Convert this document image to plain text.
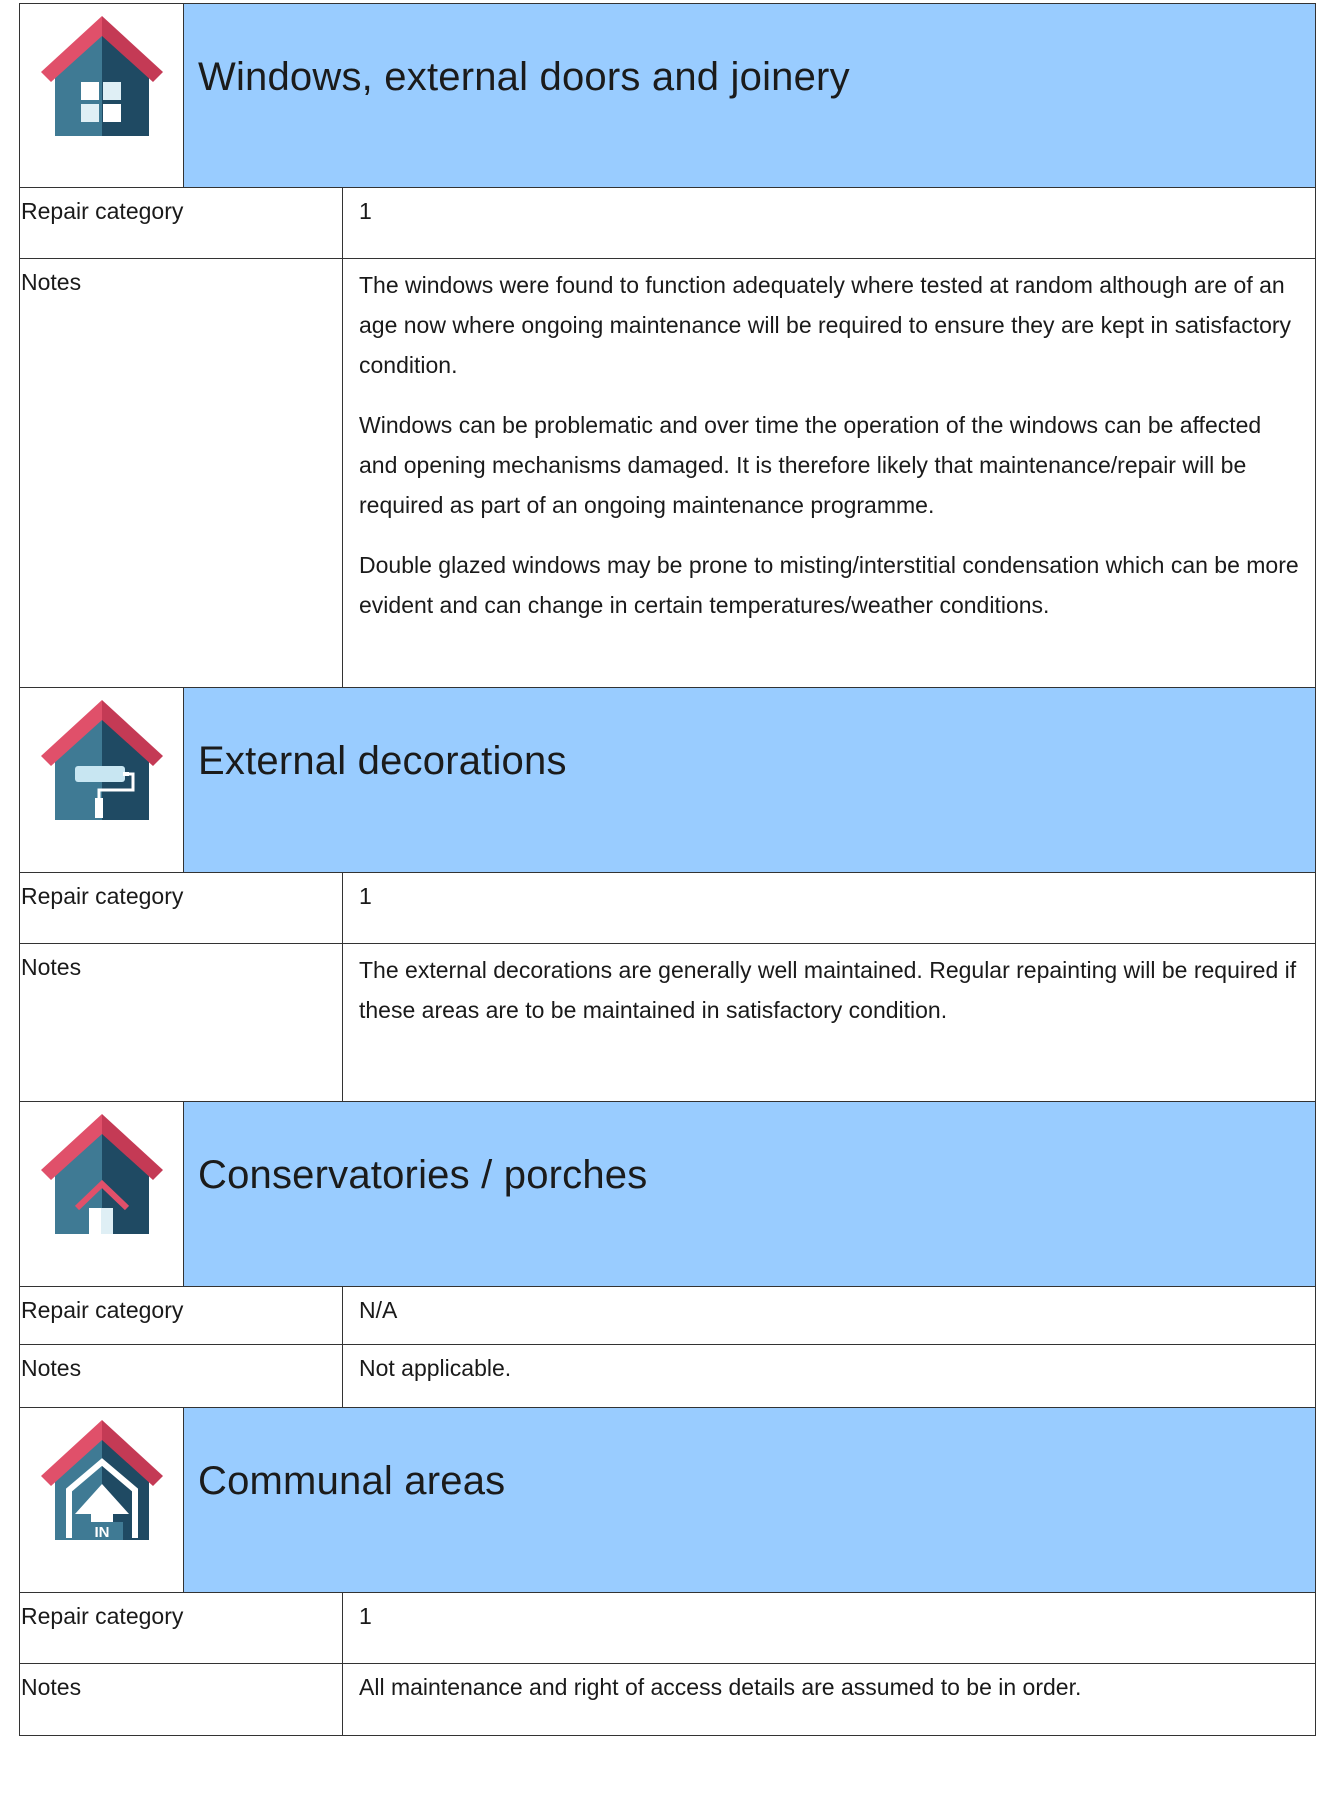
Windows, external doors and joinery
Repair category	1
Notes	The windows were found to function adequately where tested at random although are of an age now where ongoing maintenance will be required to ensure they are kept in satisfactory condition.

Windows can be problematic and over time the operation of the windows can be affected and opening mechanisms damaged. It is therefore likely that maintenance/repair will be required as part of an ongoing maintenance programme.

Double glazed windows may be prone to misting/interstitial condensation which can be more evident and can change in certain temperatures/weather conditions.

External decorations
Repair category	1
Notes	The external decorations are generally well maintained. Regular repainting will be required if these areas are to be maintained in satisfactory condition.

Conservatories / porches
Repair category	N/A
Notes	Not applicable.
IN
Communal areas
Repair category	1
Notes	All maintenance and right of access details are assumed to be in order.
